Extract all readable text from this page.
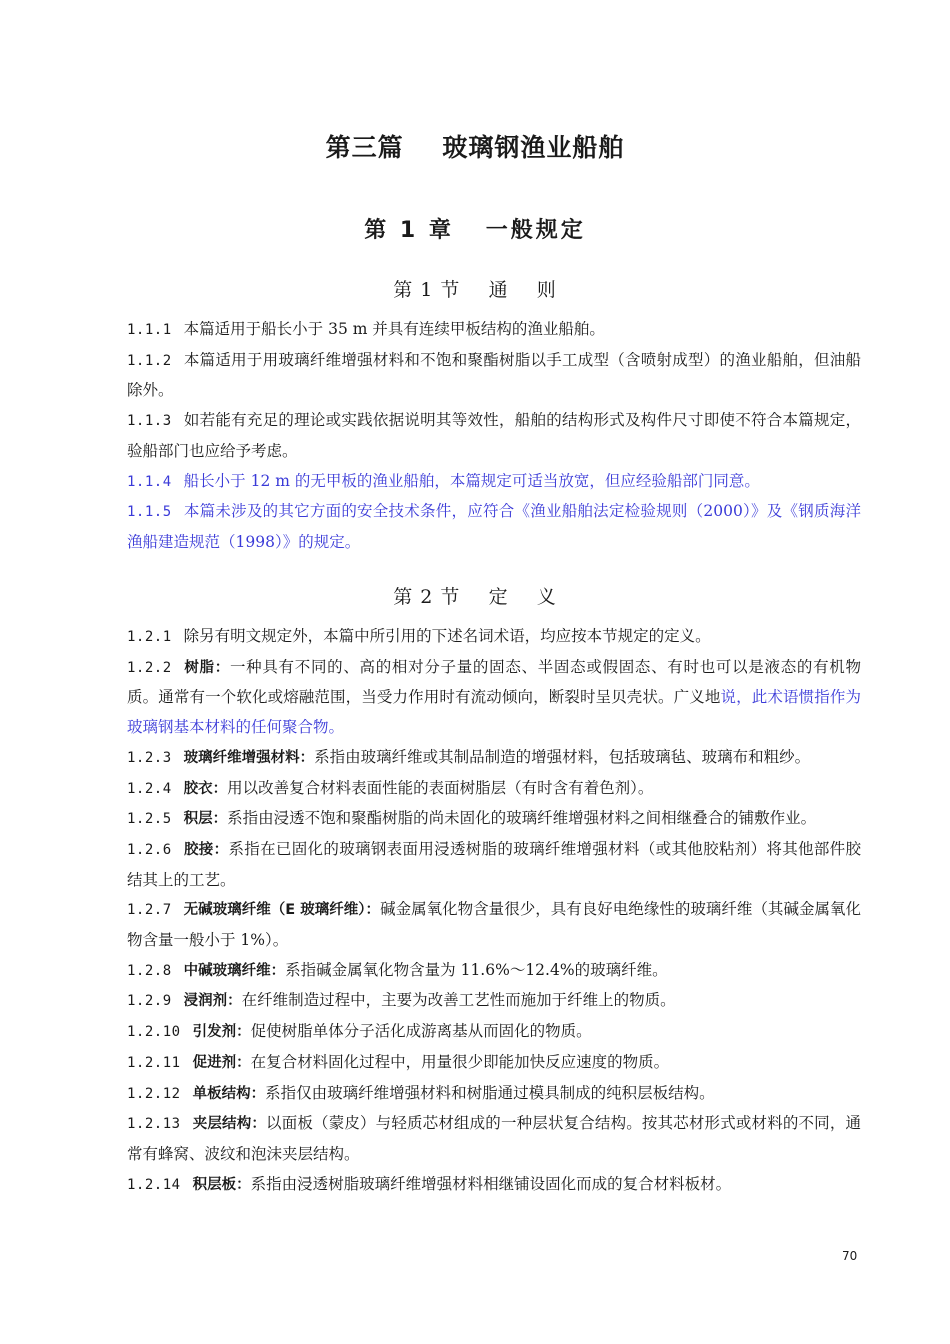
第三篇    玻璃钢渔业船舶
第 1 章   一般规定
第 1 节    通    则

1.1.1 本篇适用于船长小于 35 m 并具有连续甲板结构的渔业船舶。

1.1.2 本篇适用于用玻璃纤维增强材料和不饱和聚酯树脂以手工成型（含喷射成型）的渔业船舶，但油船除外。

1.1.3 如若能有充足的理论或实践依据说明其等效性，船舶的结构形式及构件尺寸即使不符合本篇规定，验船部门也应给予考虑。

1.1.4 船长小于 12 m 的无甲板的渔业船舶，本篇规定可适当放宽，但应经验船部门同意。

1.1.5 本篇未涉及的其它方面的安全技术条件，应符合《渔业船舶法定检验规则（2000）》及《钢质海洋渔船建造规范（1998）》的规定。

第 2 节    定    义

1.2.1 除另有明文规定外，本篇中所引用的下述名词术语，均应按本节规定的定义。

1.2.2 树脂：一种具有不同的、高的相对分子量的固态、半固态或假固态、有时也可以是液态的有机物质。通常有一个软化或熔融范围，当受力作用时有流动倾向，断裂时呈贝壳状。广义地说，此术语惯指作为玻璃钢基本材料的任何聚合物。

1.2.3 玻璃纤维增强材料：系指由玻璃纤维或其制品制造的增强材料，包括玻璃毡、玻璃布和粗纱。

1.2.4 胶衣：用以改善复合材料表面性能的表面树脂层（有时含有着色剂）。

1.2.5 积层：系指由浸透不饱和聚酯树脂的尚未固化的玻璃纤维增强材料之间相继叠合的铺敷作业。

1.2.6 胶接：系指在已固化的玻璃钢表面用浸透树脂的玻璃纤维增强材料（或其他胶粘剂）将其他部件胶结其上的工艺。

1.2.7 无碱玻璃纤维（E 玻璃纤维）：碱金属氧化物含量很少，具有良好电绝缘性的玻璃纤维（其碱金属氧化物含量一般小于 1%）。

1.2.8 中碱玻璃纤维：系指碱金属氧化物含量为 11.6%～12.4%的玻璃纤维。

1.2.9 浸润剂：在纤维制造过程中，主要为改善工艺性而施加于纤维上的物质。

1.2.10 引发剂：促使树脂单体分子活化成游离基从而固化的物质。

1.2.11 促进剂：在复合材料固化过程中，用量很少即能加快反应速度的物质。

1.2.12 单板结构：系指仅由玻璃纤维增强材料和树脂通过模具制成的纯积层板结构。

1.2.13 夹层结构：以面板（蒙皮）与轻质芯材组成的一种层状复合结构。按其芯材形式或材料的不同，通常有蜂窝、波纹和泡沫夹层结构。

1.2.14 积层板：系指由浸透树脂玻璃纤维增强材料相继铺设固化而成的复合材料板材。

70
